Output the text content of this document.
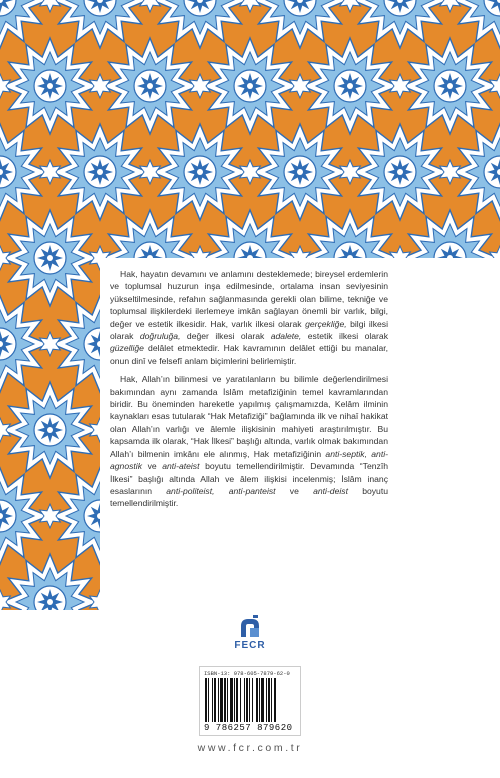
Hak, hayatın devamını ve anlamını desteklemede; bireysel erdemlerin ve toplumsal huzurun inşa edilmesinde, ortalama insan seviyesinin yükseltilmesinde, refahın sağlanmasında gerekli olan bilime, tekniğe ve toplumsal ilişkilerdeki ilerlemeye imkân sağlayan önemli bir varlık, bilgi, değer ve estetik ilkesidir. Hak, varlık ilkesi olarak gerçekliğe, bilgi ilkesi olarak doğruluğa, değer ilkesi olarak adalete, estetik ilkesi olarak güzelliğe delâlet etmektedir. Hak kavramının delâlet ettiği bu manalar, onun dinî ve felsefî anlam biçimlerini belirlemiştir.

Hak, Allah’ın bilinmesi ve yaratılanların bu bilimle değerlendirilmesi bakımından aynı zamanda İslâm metafiziğinin temel kavramlarından biridir. Bu öneminden hareketle yapılmış çalışmamızda, Kelâm ilminin kaynakları esas tutularak “Hak Metafiziği” bağlamında ilk ve nihaî hakikat olan Allah’ın varlığı ve âlemle ilişkisinin mahiyeti araştırılmıştır. Bu kapsamda ilk olarak, “Hak İlkesi” başlığı altında, varlık olmak bakımından Allah’ı bilmenin imkânı ele alınmış, Hak metafiziğinin anti-septik, anti-agnostik ve anti-ateist boyutu temellendirilmiştir. Devamında “Tenzîh İlkesi” başlığı altında Allah ve âlem ilişkisi incelenmiş; İslâm inanç esaslarının anti-politeist, anti-panteist ve anti-deist boyutu temellendirilmiştir.

FECR
ISBN-13: 978-605-7879-62-0
9 786257 879620
www.fcr.com.tr
